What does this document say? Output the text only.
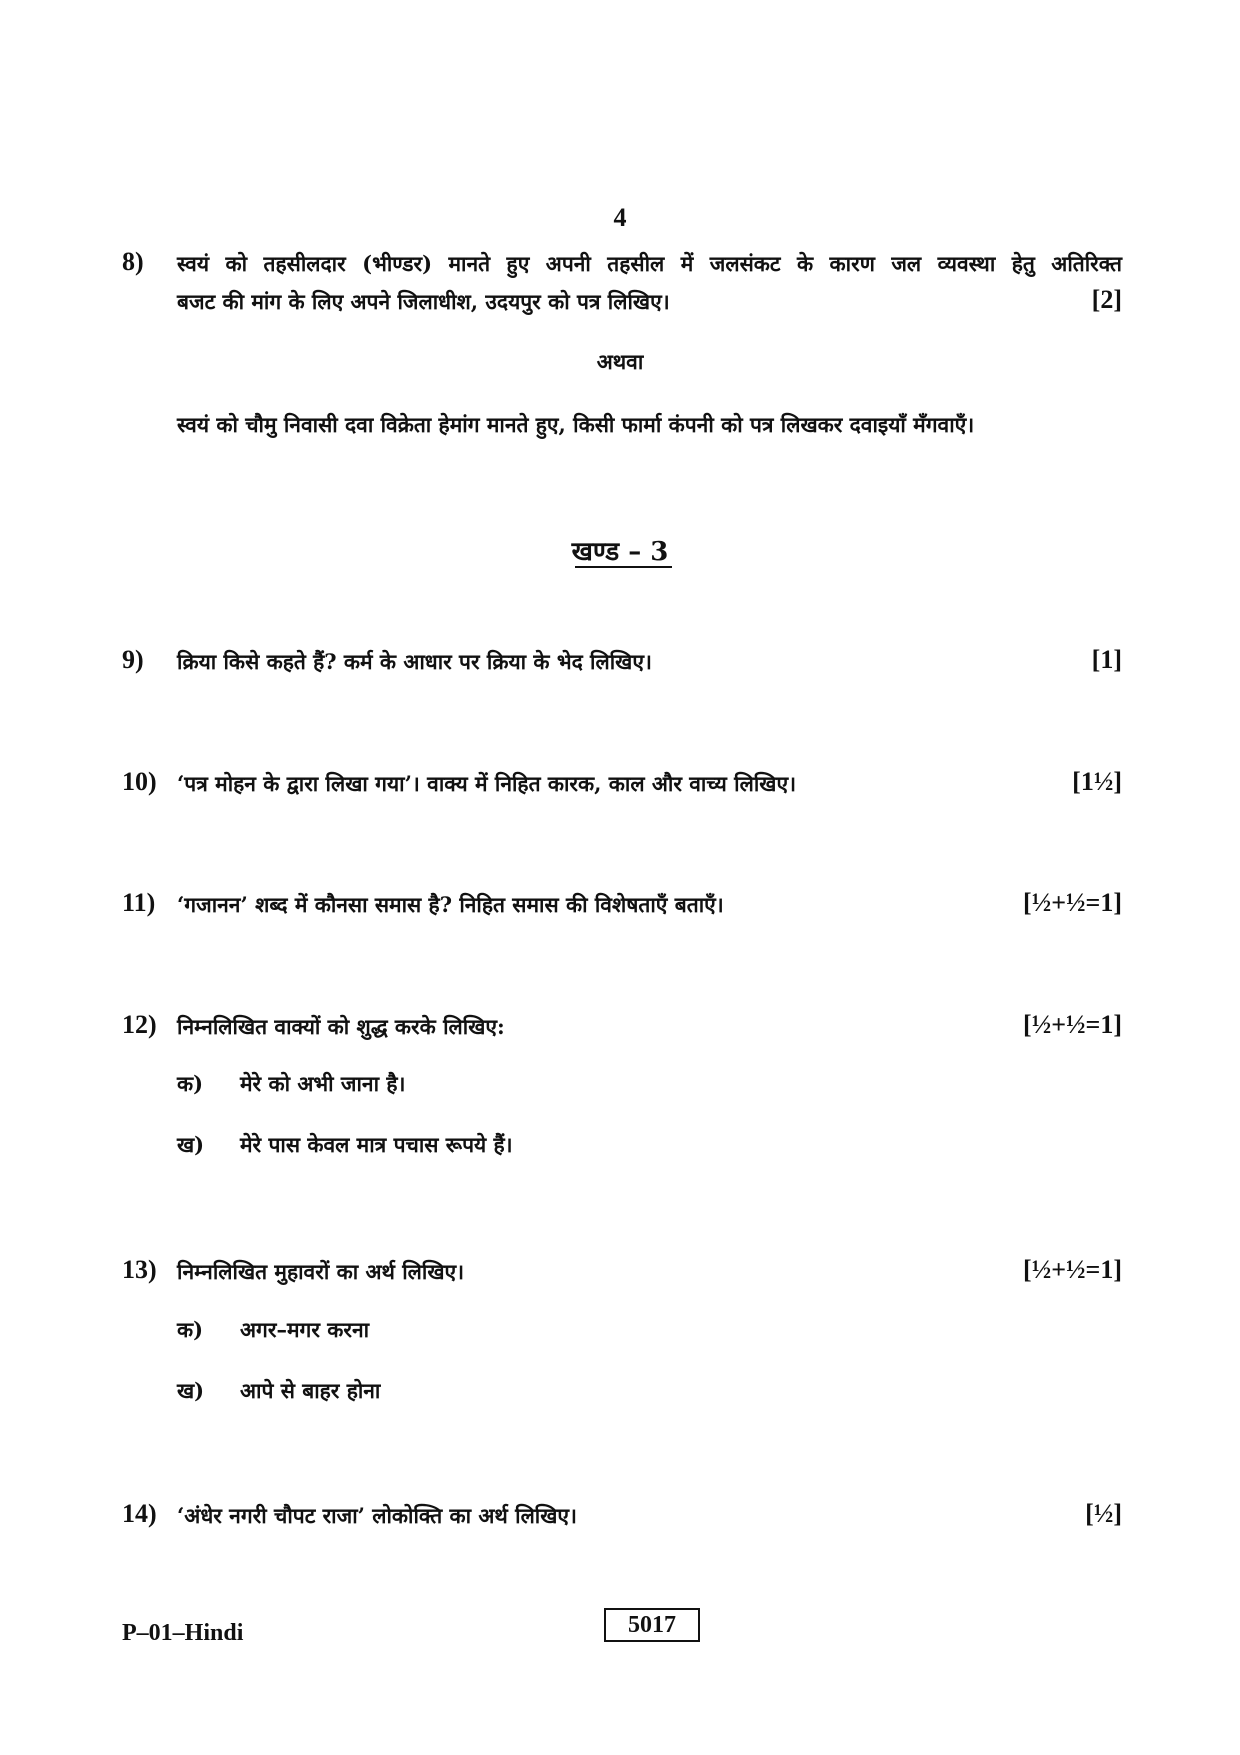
4
8) स्वयं को तहसीलदार (भीण्डर) मानते हुए अपनी तहसील में जलसंकट के कारण जल व्यवस्था हेतु अतिरिक्त
बजट की मांग के लिए अपने जिलाधीश, उदयपुर को पत्र लिखिए।	[2]
अथवा
स्वयं को चौमु निवासी दवा विक्रेता हेमांग मानते हुए, किसी फार्मा कंपनी को पत्र लिखकर दवाइयाँ मँगवाएँ।
खण्ड – 3
9) क्रिया किसे कहते हैं? कर्म के आधार पर क्रिया के भेद लिखिए।	[1]
10) ‘पत्र मोहन के द्वारा लिखा गया’। वाक्य में निहित कारक, काल और वाच्य लिखिए।	[1½]
11) ‘गजानन’ शब्द में कौनसा समास है? निहित समास की विशेषताएँ बताएँ।	[½+½=1]
12) निम्नलिखित वाक्यों को शुद्ध करके लिखिए:	[½+½=1]
क) मेरे को अभी जाना है।
ख) मेरे पास केवल मात्र पचास रूपये हैं।
13) निम्नलिखित मुहावरों का अर्थ लिखिए।	[½+½=1]
क) अगर–मगर करना
ख) आपे से बाहर होना
14) ‘अंधेर नगरी चौपट राजा’ लोकोक्ति का अर्थ लिखिए।	[½]
P–01–Hindi	5017
